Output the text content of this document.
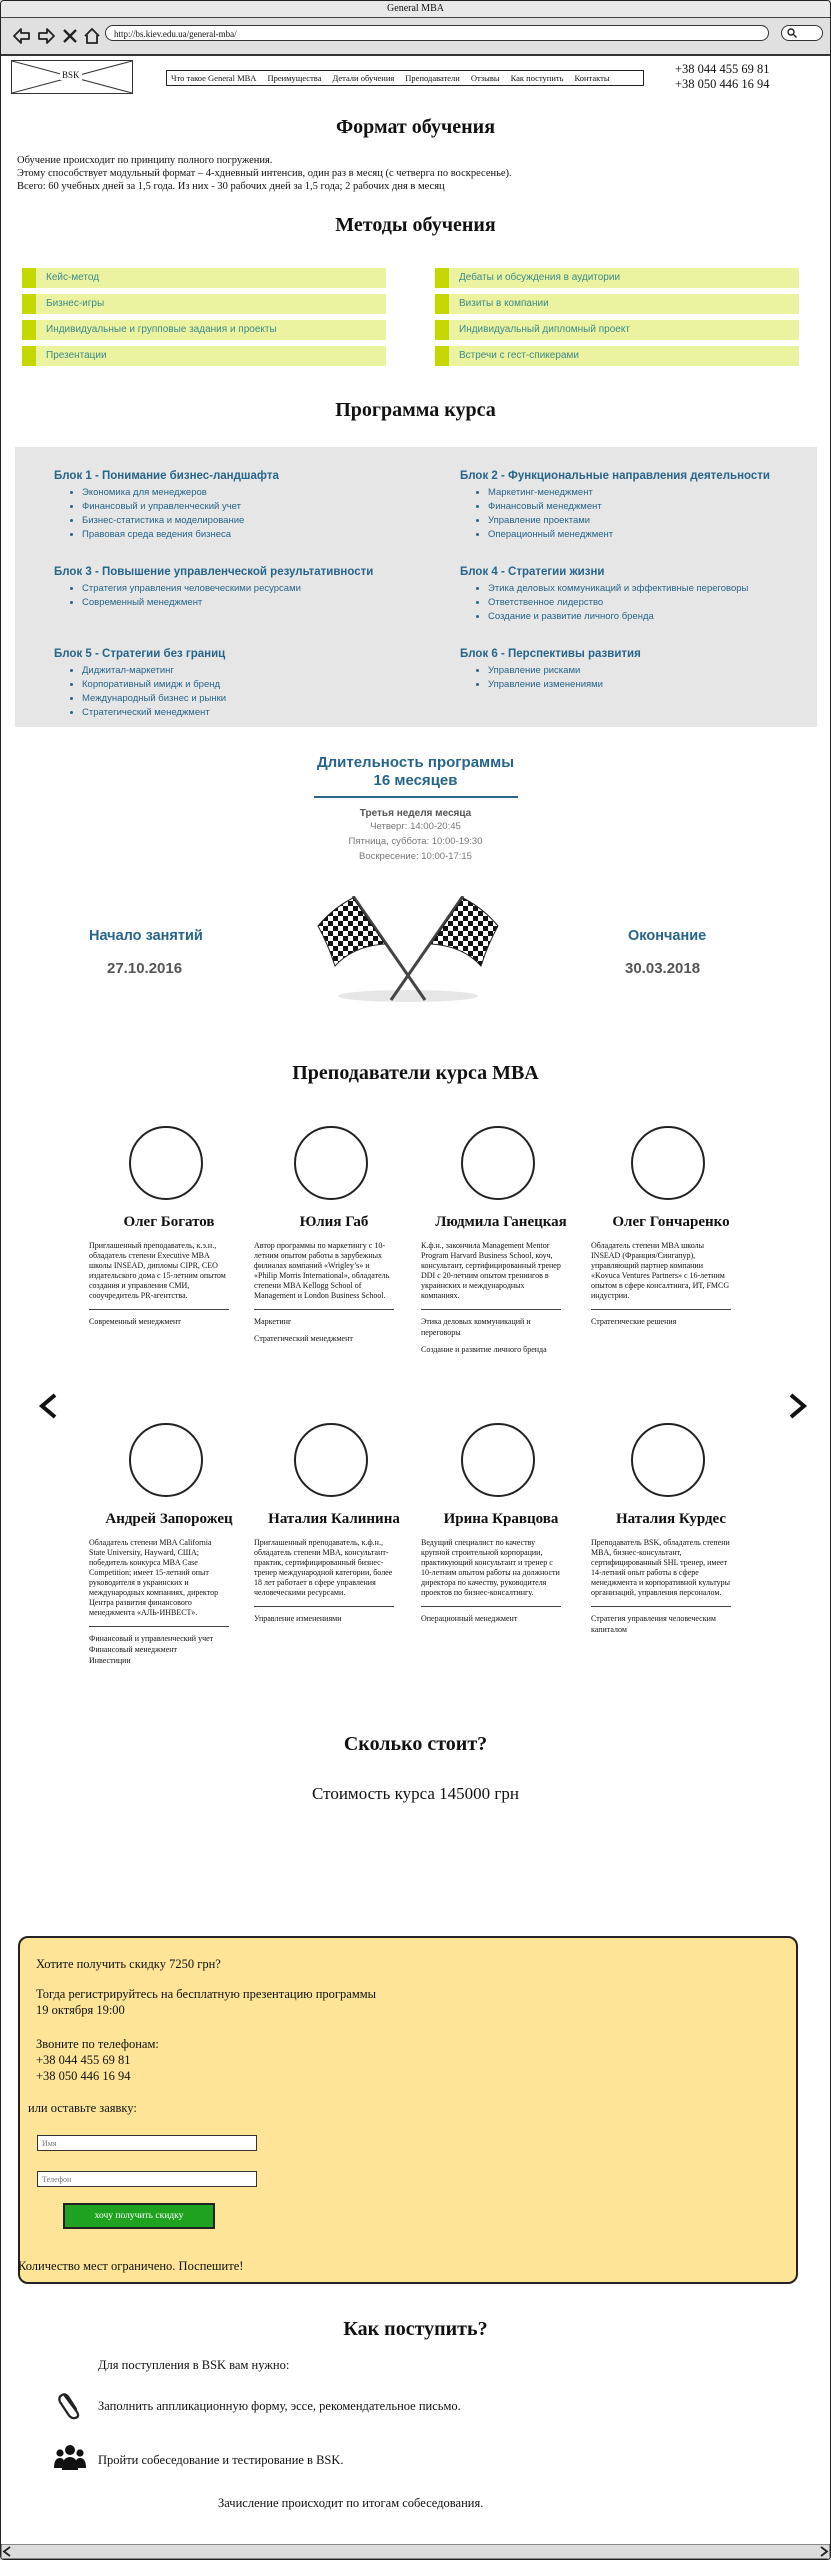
General MBA
http://bs.kiev.edu.ua/general-mba/
BSK	Что такое General MBA Преимущества Детали обучения Преподаватели Отзывы Как поступить Контакты
+38 044 455 69 81
+38 050 446 16 94
Формат обучения
Обучение происходит по принципу полного погружения.
Этому способствует модульный формат – 4-хдневный интенсив, один раз в месяц (с четверга по воскресенье).
Всего: 60 учебных дней за 1,5 года. Из них - 30 рабочих дней за 1,5 года; 2 рабочих дня в месяц
Методы обучения
Кейс-метод
Бизнес-игры
Индивидуальные и групповые задания и проекты
Презентации
Дебаты и обсуждения в аудитории
Визиты в компании
Индивидуальный дипломный проект
Встречи с гест-спикерами
Программа курса
Блок 1 - Понимание бизнес-ландшафта
• Экономика для менеджеров
• Финансовый и управленческий учет
• Бизнес-статистика и моделирование
• Правовая среда ведения бизнеса
Блок 2 - Функциональные направления деятельности
• Маркетинг-менеджмент
• Финансовый менеджмент
• Управление проектами
• Операционный менеджмент
Блок 3 - Повышение управленческой результативности
• Стратегия управления человеческими ресурсами
• Современный менеджмент
Блок 4 - Стратегии жизни
• Этика деловых коммуникаций и эффективные переговоры
• Ответственное лидерство
• Создание и развитие личного бренда
Блок 5 - Стратегии без границ
• Диджитал-маркетинг
• Корпоративный имидж и бренд
• Международный бизнес и рынки
• Стратегический менеджмент
Блок 6 - Перспективы развития
• Управление рисками
• Управление изменениями
Длительность программы
16 месяцев
Третья неделя месяца
Четверг: 14:00-20:45
Пятница, суббота: 10:00-19:30
Воскресение: 10:00-17:15
Начало занятий
27.10.2016
Окончание
30.03.2018
Преподаватели курса MBA
Олег Богатов
Приглашенный преподаватель, к.э.н., обладатель степени Executive MBA школы INSEAD, дипломы CIPR, CEO издательского дома с 15-летним опытом создания и управления СМИ, сооучредитель PR-агентства.
Современный менеджмент
Юлия Габ
Автор программы по маркетингу с 10-летним опытом работы в зарубежных филиалах компаний «Wrigley’s» и «Philip Morris International», обладатель степени MBA Kellogg School of Management и London Business School.
Маркетинг
Стратегический менеджмент
Людмила Ганецкая
К.ф.н., закончила Management Mentor Program Harvard Business School, коуч, консультант, сертифицированный тренер DDI с 20-летним опытом тренингов в украинских и международных компаниях.
Этика деловых коммуникаций и переговоры
Создание и развитие личного бренда
Олег Гончаренко
Обладатель степени MBA школы INSEAD (Франция/Сингапур), управляющий партнер компании «Kovuca Ventures Partners» с 16-летним опытом в сфере консалтинга, ИТ, FMCG индустрии.
Стратегические решения
Андрей Запорожец
Обладатель степени MBA California State University, Hayward, США; победитель конкурса MBA Case Competition; имеет 15-летний опыт руководителя в украинских и международных компаниях, директор Центра развития финансового менеджмента «АЛЬ-ИНВЕСТ».
Финансовый и управленческий учет
Финансовый менеджмент
Инвестиции
Наталия Калинина
Приглашенный преподаватель, к.ф.н., обладатель степени MBA, консультант-практик, сертифицированный бизнес-тренер международной категории, более 18 лет работает в сфере управления человеческими ресурсами.
Управление изменениями
Ирина Кравцова
Ведущий специалист по качеству крупной строительной корпорации, практикующий консультант и тренер с 10-летним опытом работы на должности директора по качеству, руководителя проектов по бизнес-консалтингу.
Операционный менеджмент
Наталия Курдес
Преподаватель BSK, обладатель степени MBA, бизнес-консультант, сертифицированный SHL тренер, имеет 14-летний опыт работы в сфере менеджмента и корпоративной культуры организаций, управления персоналом.
Стратегия управления человеческим капиталом
Сколько стоит?
Стоимость курса 145000 грн
Хотите получить скидку 7250 грн?
Тогда регистрируйтесь на бесплатную презентацию программы
19 октября 19:00
Звоните по телефонам:
+38 044 455 69 81
+38 050 446 16 94
или оставьте заявку:
Имя
Телефон
хочу получить скидку
Количество мест ограничено. Поспешите!
Как поступить?
Для поступления в BSK вам нужно:
Заполнить аппликационную форму, эссе, рекомендательное письмо.
Пройти собеседование и тестирование в BSK.
Зачисление происходит по итогам собеседования.
